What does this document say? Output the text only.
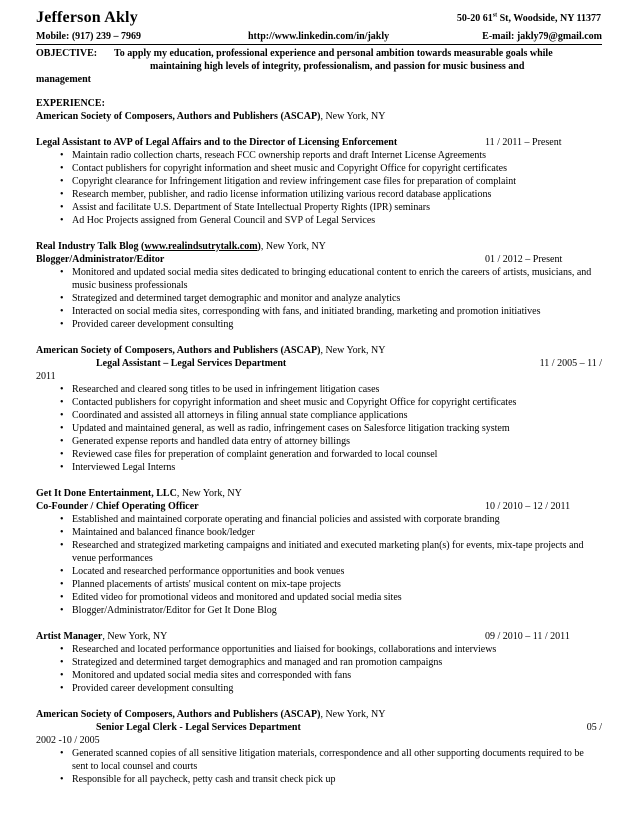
Jefferson Akly	50-20 61st St, Woodside, NY 11377
Mobile: (917) 239 – 7969	http://www.linkedin.com/in/jakly	E-mail: jakly79@gmail.com
OBJECTIVE: To apply my education, professional experience and personal ambition towards measurable goals while
maintaining high levels of integrity, professionalism, and passion for music business and
management
EXPERIENCE:
American Society of Composers, Authors and Publishers (ASCAP), New York, NY
Legal Assistant to AVP of Legal Affairs and to the Director of Licensing Enforcement	11 / 2011 – Present
• Maintain radio collection charts, reseach FCC ownership reports and draft Internet License Agreements
• Contact publishers for copyright information and sheet music and Copyright Office for copyright certificates
• Copyright clearance for Infringement litigation and review infringement case files for preparation of complaint
• Research member, publisher, and radio license information utilizing various record database applications
• Assist and facilitate U.S. Department of State Intellectual Property Rights (IPR) seminars
• Ad Hoc Projects assigned from General Council and SVP of Legal Services
Real Industry Talk Blog (www.realindsutrytalk.com), New York, NY
Blogger/Administrator/Editor	01 / 2012 – Present
• Monitored and updated social media sites dedicated to bringing educational content to enrich the careers of artists, musicians, and music business professionals
• Strategized and determined target demographic and monitor and analyze analytics
• Interacted on social media sites, corresponding with fans, and initiated branding, marketing and promotion initiatives
• Provided career development consulting
American Society of Composers, Authors and Publishers (ASCAP), New York, NY
Legal Assistant – Legal Services Department	11 / 2005 – 11 /
2011
• Researched and cleared song titles to be used in infringement litigation cases
• Contacted publishers for copyright information and sheet music and Copyright Office for copyright certificates
• Coordinated and assisted all attorneys in filing annual state compliance applications
• Updated and maintained general, as well as radio, infringement cases on Salesforce litigation tracking system
• Generated expense reports and handled data entry of attorney billings
• Reviewed case files for preperation of complaint generation and forwarded to local counsel
• Interviewed Legal Interns
Get It Done Entertainment, LLC, New York, NY
Co-Founder / Chief Operating Officer	10 / 2010 – 12 / 2011
• Established and maintained corporate operating and financial policies and assisted with corporate branding
• Maintained and balanced finance book/ledger
• Researched and strategized marketing campaigns and initiated and executed marketing plan(s) for events, mix-tape projects and venue performances
• Located and researched performance opportunities and book venues
• Planned placements of artists' musical content on mix-tape projects
• Edited video for promotional videos and monitored and updated social media sites
• Blogger/Administrator/Editor for Get It Done Blog
Artist Manager, New York, NY	09 / 2010 – 11 / 2011
• Researched and located performance opportunities and liaised for bookings, collaborations and interviews
• Strategized and determined target demographics and managed and ran promotion campaigns
• Monitored and updated social media sites and corresponded with fans
• Provided career development consulting
American Society of Composers, Authors and Publishers (ASCAP), New York, NY
Senior Legal Clerk - Legal Services Department	05 /
2002 -10 / 2005
• Generated scanned copies of all sensitive litigation materials, correspondence and all other supporting documents required to be sent to local counsel and courts
• Responsible for all paycheck, petty cash and transit check pick up
